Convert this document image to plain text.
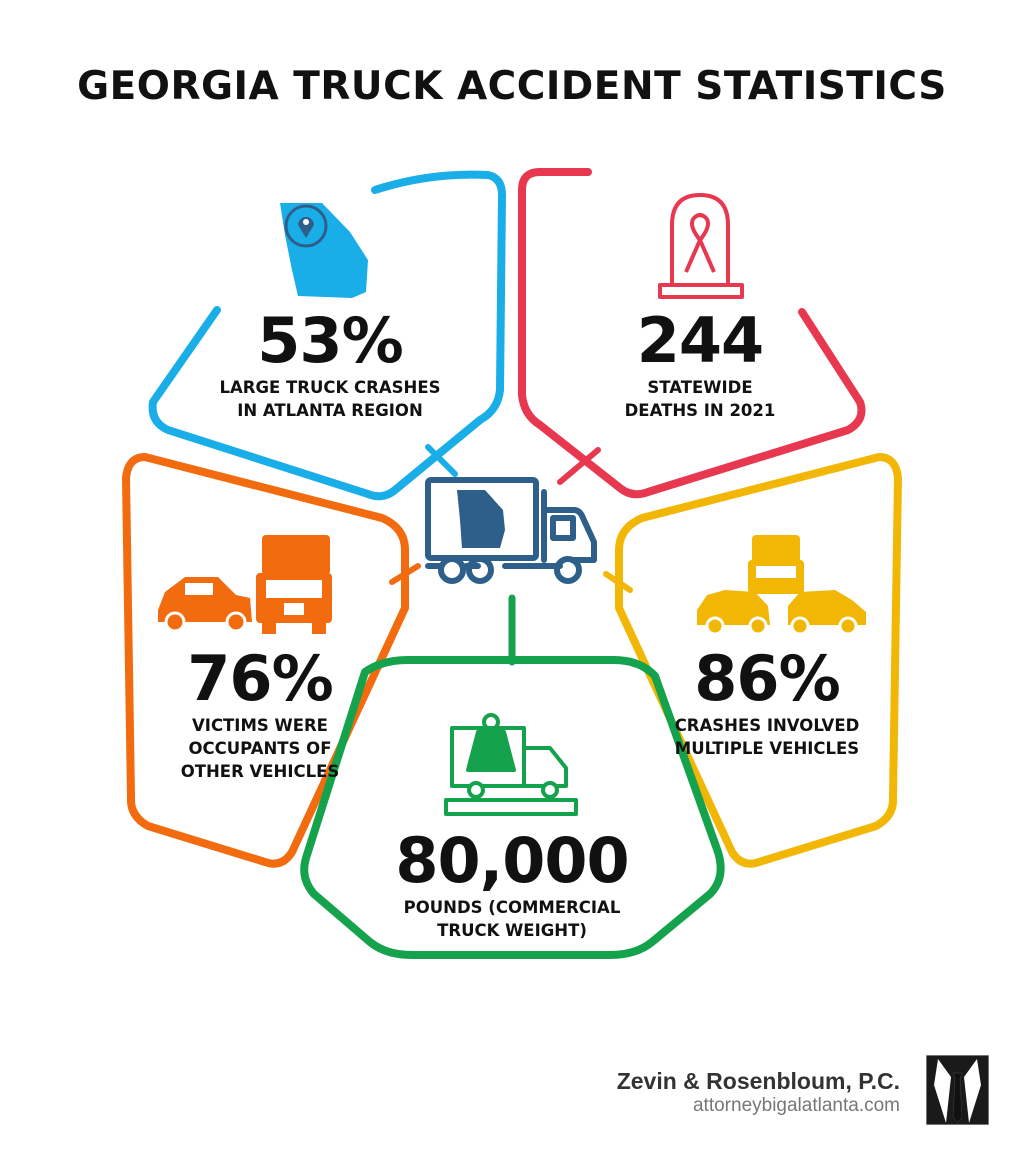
GEORGIA TRUCK ACCIDENT STATISTICS
53%
LARGE TRUCK CRASHES
IN ATLANTA REGION
244
STATEWIDE
DEATHS IN 2021
76%
VICTIMS WERE
OCCUPANTS OF
OTHER VEHICLES
86%
CRASHES INVOLVED
MULTIPLE VEHICLES
80,000
POUNDS (COMMERCIAL
TRUCK WEIGHT)
Zevin & Rosenbloum, P.C.
attorneybigalatlanta.com
